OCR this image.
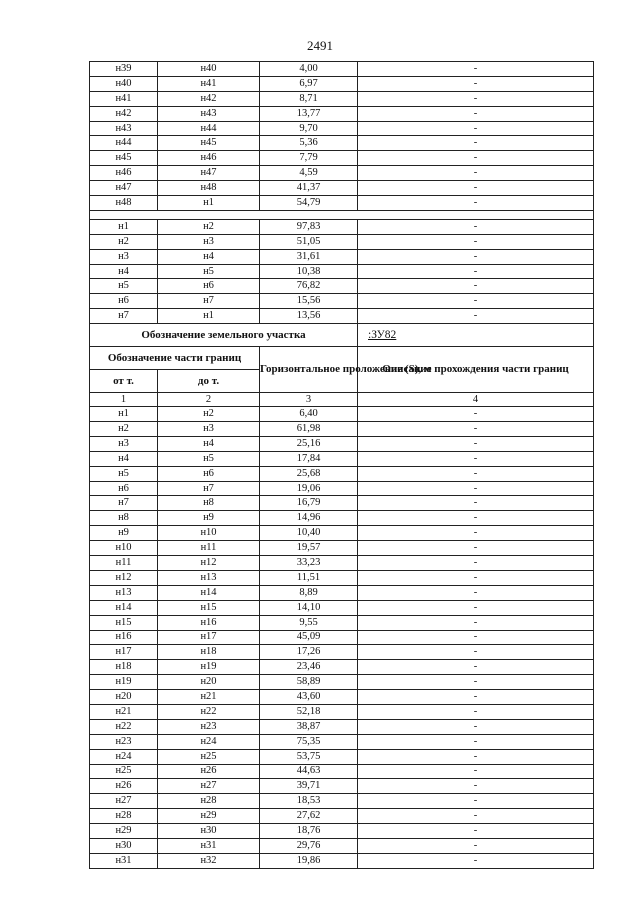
2491
н39	н40	4,00	-
н40	н41	6,97	-
н41	н42	8,71	-
н42	н43	13,77	-
н43	н44	9,70	-
н44	н45	5,36	-
н45	н46	7,79	-
н46	н47	4,59	-
н47	н48	41,37	-
н48	н1	54,79	-

н1	н2	97,83	-
н2	н3	51,05	-
н3	н4	31,61	-
н4	н5	10,38	-
н5	н6	76,82	-
н6	н7	15,56	-
н7	н1	13,56	-
Обозначение земельного участка			:ЗУ82
Обозначение части границ		Горизонтальное проложение (S), м	Описание прохождения части границ
от т.	до т.		
1	2	3	4
н1	н2	6,40	-
н2	н3	61,98	-
н3	н4	25,16	-
н4	н5	17,84	-
н5	н6	25,68	-
н6	н7	19,06	-
н7	н8	16,79	-
н8	н9	14,96	-
н9	н10	10,40	-
н10	н11	19,57	-
н11	н12	33,23	-
н12	н13	11,51	-
н13	н14	8,89	-
н14	н15	14,10	-
н15	н16	9,55	-
н16	н17	45,09	-
н17	н18	17,26	-
н18	н19	23,46	-
н19	н20	58,89	-
н20	н21	43,60	-
н21	н22	52,18	-
н22	н23	38,87	-
н23	н24	75,35	-
н24	н25	53,75	-
н25	н26	44,63	-
н26	н27	39,71	-
н27	н28	18,53	-
н28	н29	27,62	-
н29	н30	18,76	-
н30	н31	29,76	-
н31	н32	19,86	-
